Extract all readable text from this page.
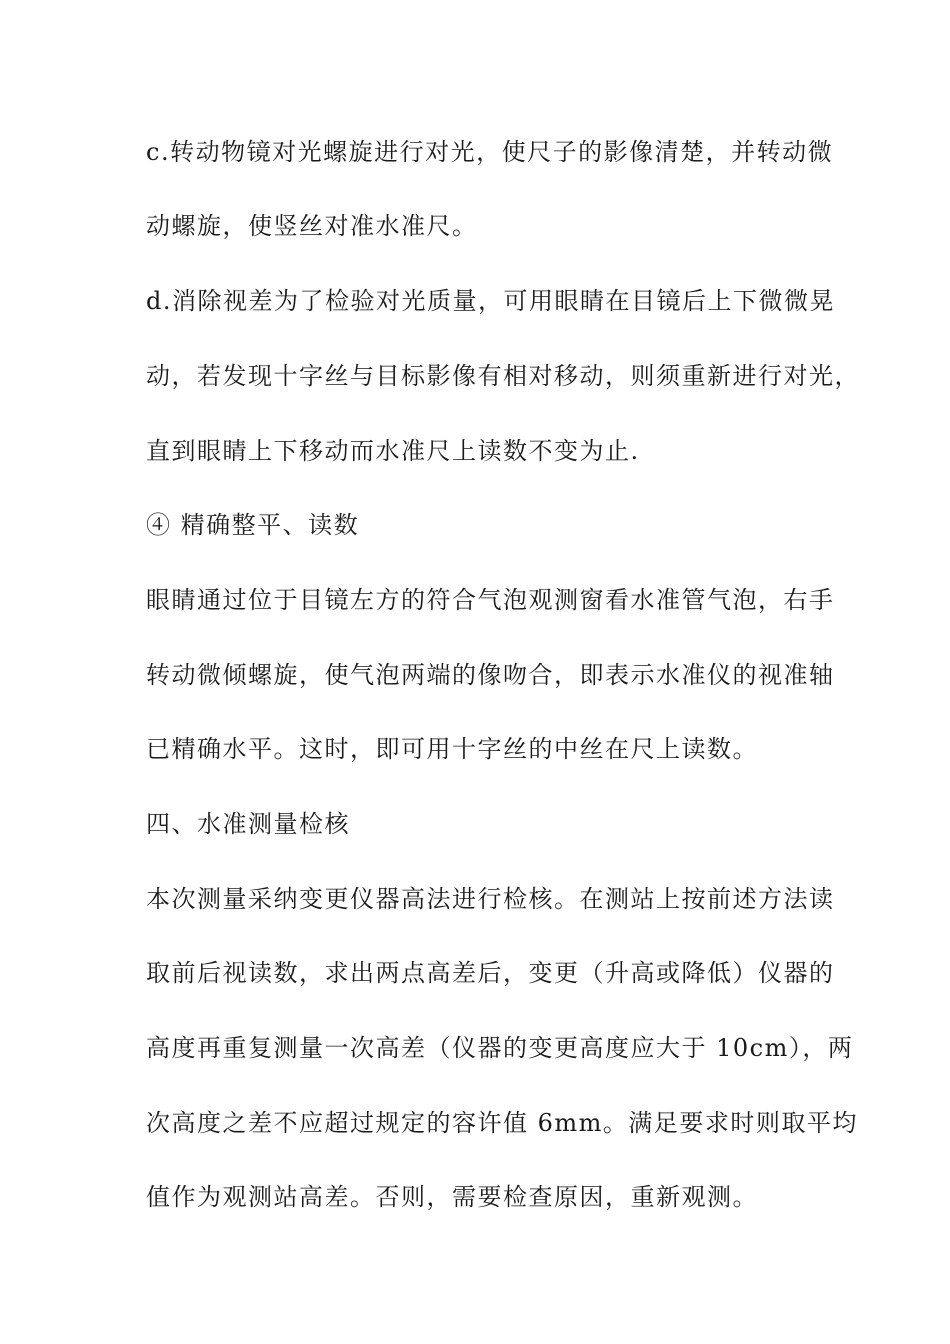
c.转动物镜对光螺旋进行对光，使尺子的影像清楚，并转动微
动螺旋，使竖丝对准水准尺。
d.消除视差为了检验对光质量，可用眼睛在目镜后上下微微晃
动，若发现十字丝与目标影像有相对移动，则须重新进行对光，
直到眼睛上下移动而水准尺上读数不变为止.
④ 精确整平、读数
眼睛通过位于目镜左方的符合气泡观测窗看水准管气泡，右手
转动微倾螺旋，使气泡两端的像吻合，即表示水准仪的视准轴
已精确水平。这时，即可用十字丝的中丝在尺上读数。
四、水准测量检核
本次测量采纳变更仪器高法进行检核。在测站上按前述方法读
取前后视读数，求出两点高差后，变更（升高或降低）仪器的
高度再重复测量一次高差（仪器的变更高度应大于 10cm），两
次高度之差不应超过规定的容许值 6mm。满足要求时则取平均
值作为观测站高差。否则，需要检查原因，重新观测。
